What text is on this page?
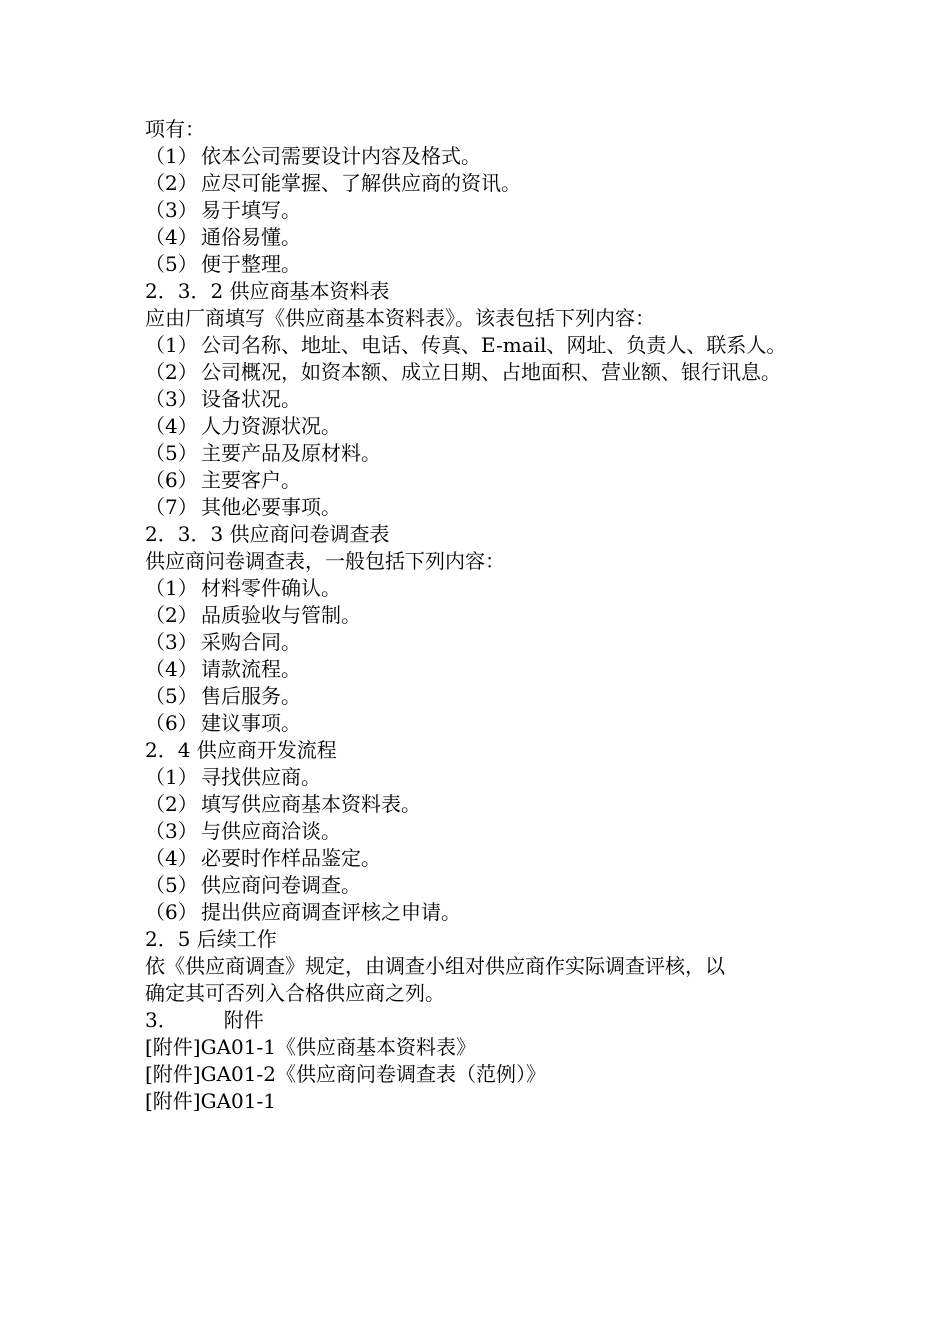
项有：
（1） 依本公司需要设计内容及格式。
（2） 应尽可能掌握、了解供应商的资讯。
（3） 易于填写。
（4） 通俗易懂。
（5） 便于整理。
2．3．2 供应商基本资料表
应由厂商填写《供应商基本资料表》。该表包括下列内容：
（1） 公司名称、地址、电话、传真、E-mail、网址、负责人、联系人。
（2） 公司概况，如资本额、成立日期、占地面积、营业额、银行讯息。
（3） 设备状况。
（4） 人力资源状况。
（5） 主要产品及原材料。
（6） 主要客户。
（7） 其他必要事项。
2．3．3 供应商问卷调查表
供应商问卷调查表，一般包括下列内容：
（1） 材料零件确认。
（2） 品质验收与管制。
（3） 采购合同。
（4） 请款流程。
（5） 售后服务。
（6） 建议事项。
2．4 供应商开发流程
（1） 寻找供应商。
（2） 填写供应商基本资料表。
（3） 与供应商洽谈。
（4） 必要时作样品鉴定。
（5） 供应商问卷调查。
（6） 提出供应商调查评核之申请。
2．5 后续工作
依《供应商调查》规定，由调查小组对供应商作实际调查评核，以
确定其可否列入合格供应商之列。
3． 附件
[附件]GA01-1《供应商基本资料表》
[附件]GA01-2《供应商问卷调查表（范例）》
[附件]GA01-1
